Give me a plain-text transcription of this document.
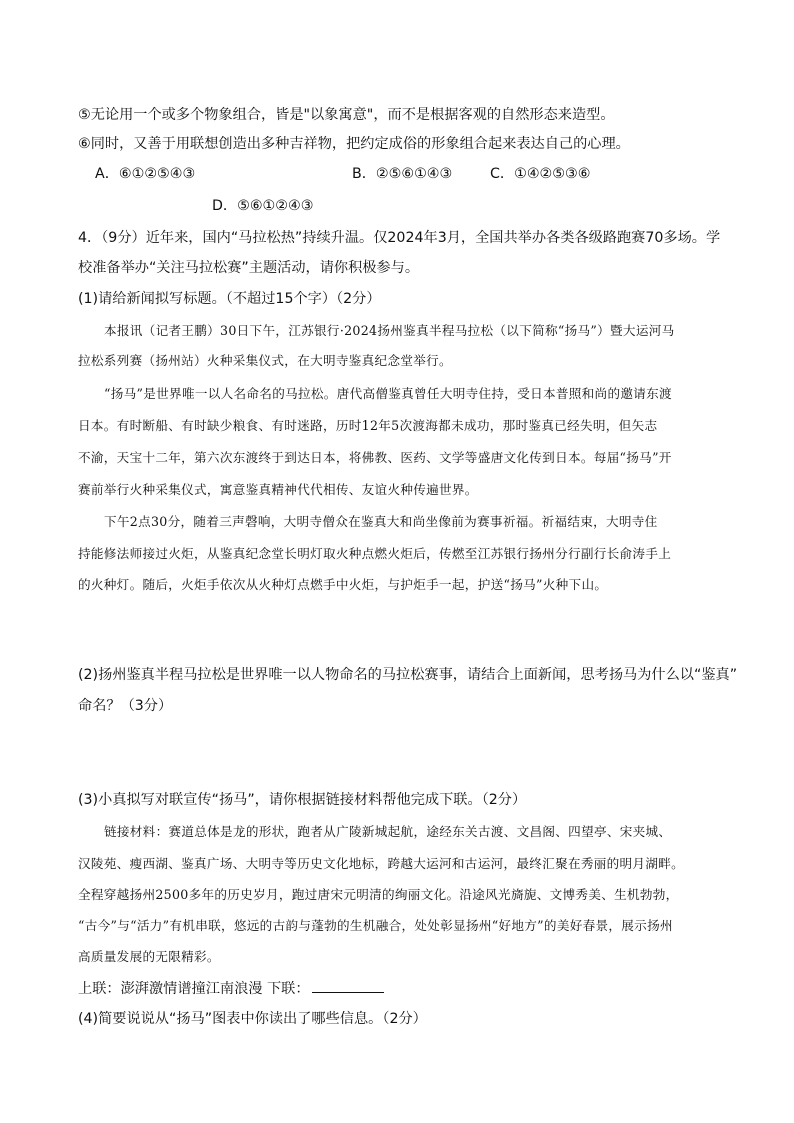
⑤无论用一个或多个物象组合，皆是"以象寓意"，而不是根据客观的自然形态来造型。
⑥同时，又善于用联想创造出多种吉祥物，把约定成俗的形象组合起来表达自己的心理。
A．⑥①②⑤④③	B．②⑤⑥①④③	C．①④②⑤③⑥
D．⑤⑥①②④③
4．（9分）近年来，国内“马拉松热”持续升温。仅2024年3月，全国共举办各类各级路跑赛70多场。学
校准备举办“关注马拉松赛”主题活动，请你积极参与。
(1)请给新闻拟写标题。（不超过15个字）（2分）
本报讯（记者王鹏）30日下午，江苏银行·2024扬州鉴真半程马拉松（以下简称“扬马”）暨大运河马
拉松系列赛（扬州站）火种采集仪式，在大明寺鉴真纪念堂举行。
“扬马”是世界唯一以人名命名的马拉松。唐代高僧鉴真曾任大明寺住持，受日本普照和尚的邀请东渡
日本。有时断船、有时缺少粮食、有时迷路，历时12年5次渡海都未成功，那时鉴真已经失明，但矢志
不渝，天宝十二年，第六次东渡终于到达日本，将佛教、医药、文学等盛唐文化传到日本。每届“扬马”开
赛前举行火种采集仪式，寓意鉴真精神代代相传、友谊火种传遍世界。
下午2点30分，随着三声磬响，大明寺僧众在鉴真大和尚坐像前为赛事祈福。祈福结束，大明寺住
持能修法师接过火炬，从鉴真纪念堂长明灯取火种点燃火炬后，传燃至江苏银行扬州分行副行长俞涛手上
的火种灯。随后，火炬手依次从火种灯点燃手中火炬，与护炬手一起，护送“扬马”火种下山。
(2)扬州鉴真半程马拉松是世界唯一以人物命名的马拉松赛事，请结合上面新闻，思考扬马为什么以“鉴真”
命名？（3分）
(3)小真拟写对联宣传“扬马”，请你根据链接材料帮他完成下联。（2分）
链接材料：赛道总体是龙的形状，跑者从广陵新城起航，途经东关古渡、文昌阁、四望亭、宋夹城、
汉陵苑、瘦西湖、鉴真广场、大明寺等历史文化地标，跨越大运河和古运河，最终汇聚在秀丽的明月湖畔。
全程穿越扬州2500多年的历史岁月，跑过唐宋元明清的绚丽文化。沿途风光旖旎、文博秀美、生机勃勃，
“古今”与“活力”有机串联，悠远的古韵与蓬勃的生机融合，处处彰显扬州“好地方”的美好春景，展示扬州
高质量发展的无限精彩。
上联：澎湃激情谱撞江南浪漫 下联：
(4)简要说说从“扬马”图表中你读出了哪些信息。（2分）
